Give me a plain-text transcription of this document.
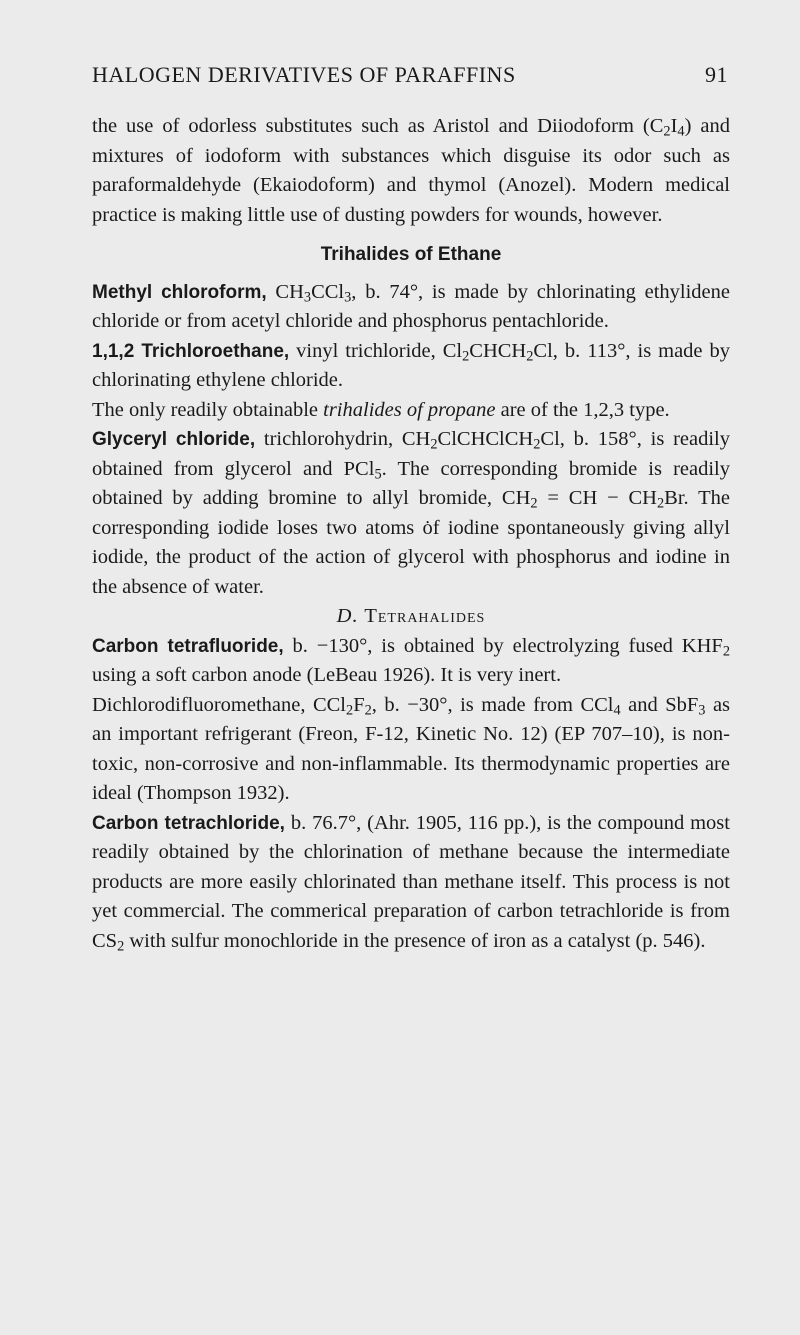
HALOGEN DERIVATIVES OF PARAFFINS	91

the use of odorless substitutes such as Aristol and Diiodoform $(C_2I_4)$ and mixtures of iodoform with substances which disguise its odor such as paraformaldehyde (Ekaiodoform) and thymol (Anozel). Modern medical practice is making little use of dusting powders for wounds, however.

Trihalides of Ethane

Methyl chloroform, $CH_3CCl_3$, b. 74°, is made by chlorinating ethylidene chloride or from acetyl chloride and phosphorus pentachloride.

1,1,2 Trichloroethane, vinyl trichloride, $Cl_2CHCH_2Cl$, b. 113°, is made by chlorinating ethylene chloride.

The only readily obtainable trihalides of propane are of the 1,2,3 type.

Glyceryl chloride, trichlorohydrin, $CH_2ClCHClCH_2Cl$, b. 158°, is readily obtained from glycerol and PCl$_5$. The corresponding bromide is readily obtained by adding bromine to allyl bromide, $CH_2$ = CH − $CH_2Br$. The corresponding iodide loses two atoms ȯf iodine spontaneously giving allyl iodide, the product of the action of glycerol with phosphorus and iodine in the absence of water.

D. Tetrahalides

Carbon tetrafluoride, b. −130°, is obtained by electrolyzing fused $KHF_2$ using a soft carbon anode (LeBeau 1926). It is very inert.

Dichlorodifluoromethane, $CCl_2F_2$, b. −30°, is made from CCl$_4$ and SbF$_3$ as an important refrigerant (Freon, F-12, Kinetic No. 12) (EP 707–10), is non-toxic, non-corrosive and non-inflammable. Its thermodynamic properties are ideal (Thompson 1932).

Carbon tetrachloride, b. 76.7°, (Ahr. 1905, 116 pp.), is the compound most readily obtained by the chlorination of methane because the intermediate products are more easily chlorinated than methane itself. This process is not yet commercial. The commerical preparation of carbon tetrachloride is from $CS_2$ with sulfur monochloride in the presence of iron as a catalyst (p. 546).
